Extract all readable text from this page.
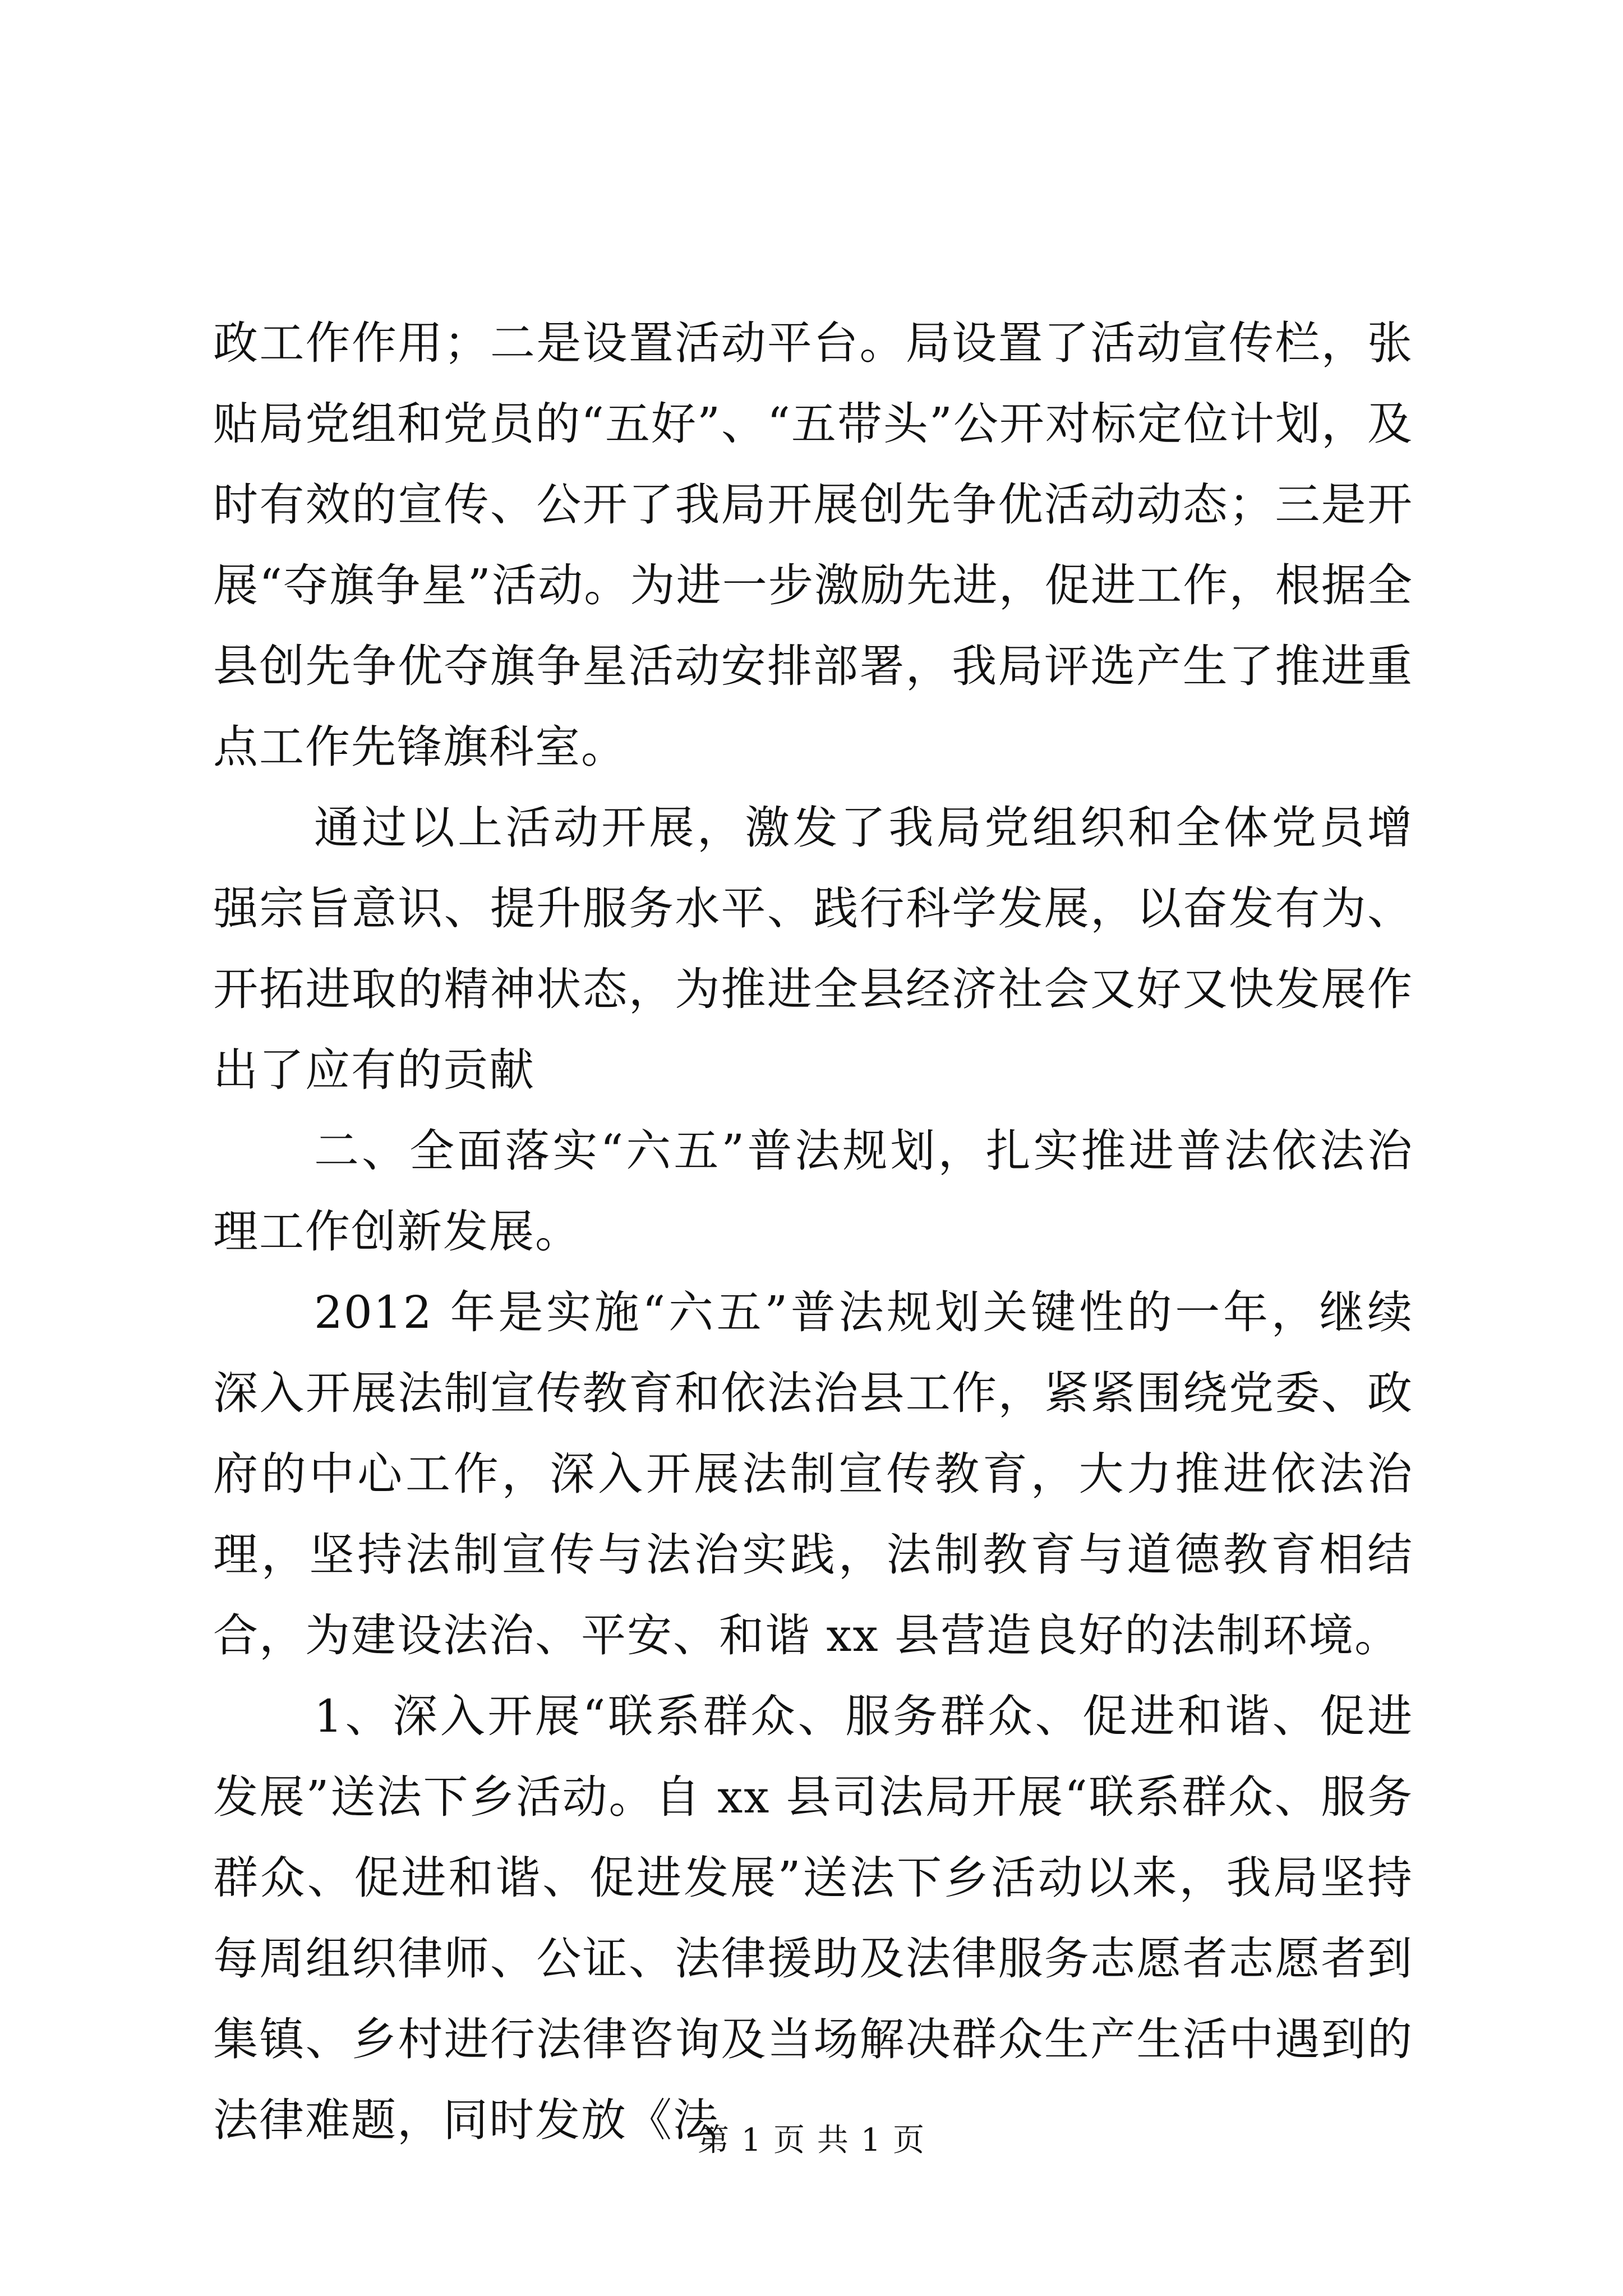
政工作作用；二是设置活动平台。局设置了活动宣传栏，张贴局党组和党员的“五好”、“五带头”公开对标定位计划，及时有效的宣传、公开了我局开展创先争优活动动态；三是开展“夺旗争星”活动。为进一步激励先进，促进工作，根据全县创先争优夺旗争星活动安排部署，我局评选产生了推进重点工作先锋旗科室。

通过以上活动开展，激发了我局党组织和全体党员增强宗旨意识、提升服务水平、践行科学发展，以奋发有为、开拓进取的精神状态，为推进全县经济社会又好又快发展作出了应有的贡献

二、全面落实“六五”普法规划，扎实推进普法依法治理工作创新发展。

2012 年是实施“六五”普法规划关键性的一年，继续深入开展法制宣传教育和依法治县工作，紧紧围绕党委、政府的中心工作，深入开展法制宣传教育，大力推进依法治理，坚持法制宣传与法治实践，法制教育与道德教育相结合，为建设法治、平安、和谐 xx 县营造良好的法制环境。

1、深入开展“联系群众、服务群众、促进和谐、促进发展”送法下乡活动。自 xx 县司法局开展“联系群众、服务群众、促进和谐、促进发展”送法下乡活动以来，我局坚持每周组织律师、公证、法律援助及法律服务志愿者志愿者到集镇、乡村进行法律咨询及当场解决群众生产生活中遇到的法律难题，同时发放《法

第 1 页 共 1 页
